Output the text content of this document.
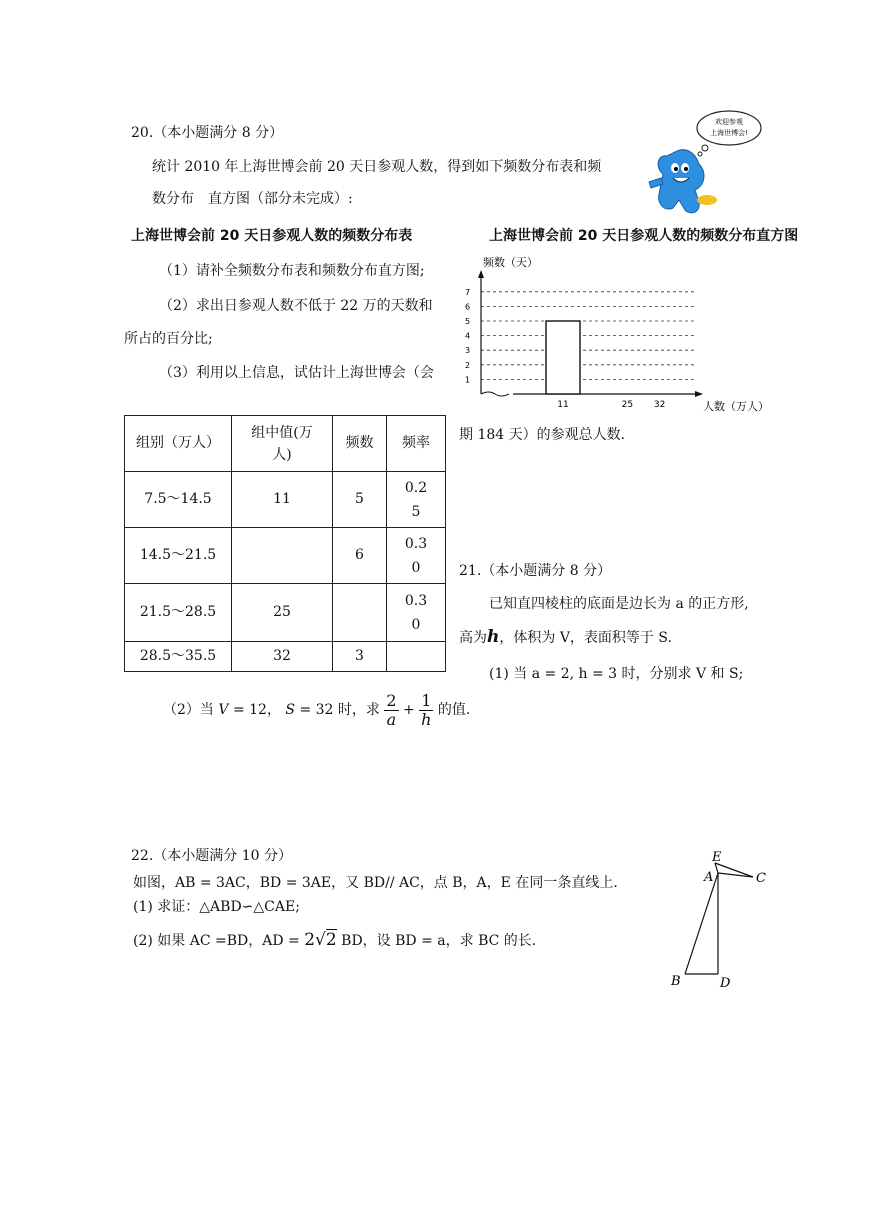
20.（本小题满分 8 分）
统计 2010 年上海世博会前 20 天日参观人数，得到如下频数分布表和频
数分布　直方图（部分未完成）:
欢迎参观
上海世博会!
上海世博会前 20 天日参观人数的频数分布表	上海世博会前 20 天日参观人数的频数分布直方图
（1）请补全频数分布表和频数分布直方图;
（2）求出日参观人数不低于 22 万的天数和
所占的百分比;
（3）利用以上信息，试估计上海世博会（会
频数（天）
人数（万人）
1
2
3
4
5
6
7
11	25 32
期 184 天）的参观总人数.
组别（万人）	组中值(万
人)	频数	频率
7.5～14.5	11	5	0.2
5
14.5～21.5		6	0.3
0
21.5～28.5	25		0.3
0
28.5～35.5	32	3	
（2）当 V = 12， S = 32 时，求 $\frac{2}{a} + \frac{1}{h}$ 的值.
21.（本小题满分 8 分）
已知直四棱柱的底面是边长为 a 的正方形,
高为h，体积为 V，表面积等于 S.
(1) 当 a = 2, h = 3 时，分别求 V 和 S;
22.（本小题满分 10 分）
如图，AB = 3AC，BD = 3AE，又 BD// AC，点 B，A，E 在同一条直线上.
(1) 求证：△ABD∽△CAE;
(2) 如果 AC =BD，AD = 2√2 BD，设 BD = a，求 BC 的长.
E
A	C
B	D
